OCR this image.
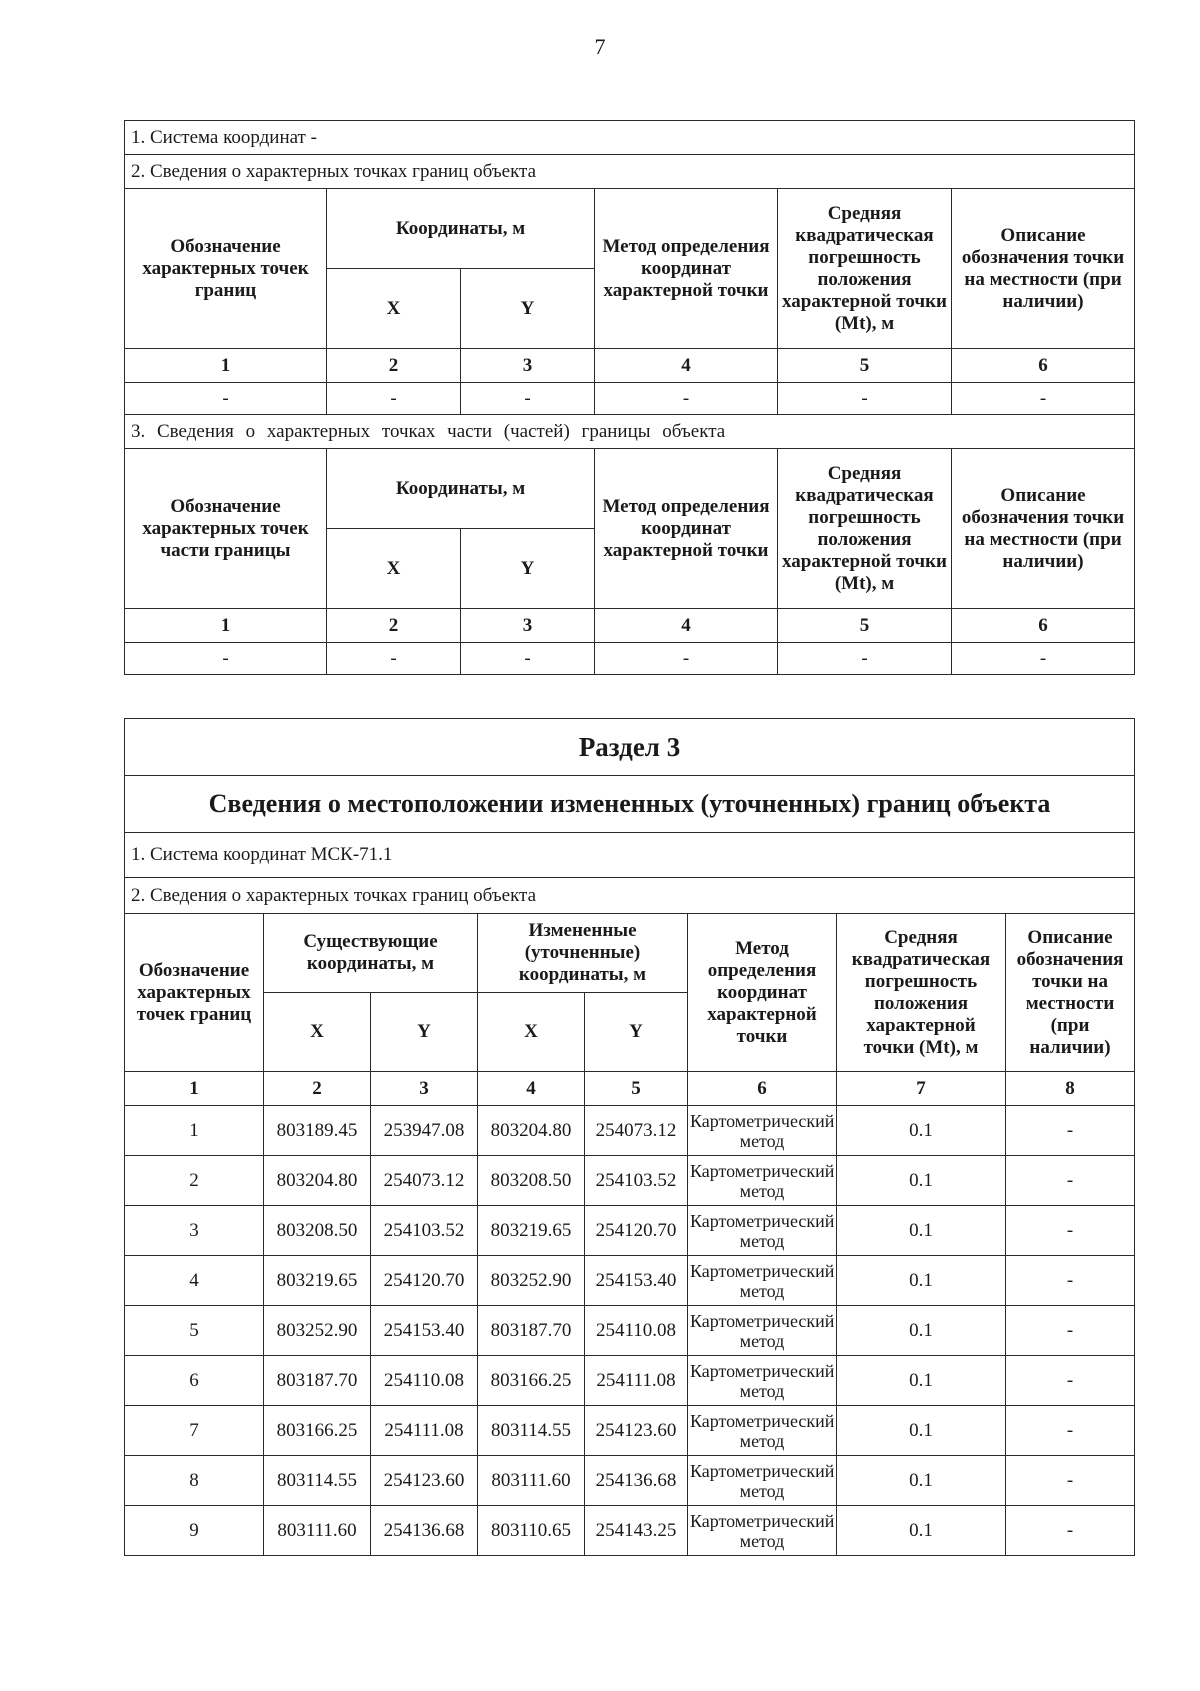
7
1. Система координат -					
2. Сведения о характерных точках границ объекта					
Обозначение характерных точек границ	Координаты, м		Метод определения координат характерной точки	Средняя квадратическая погрешность положения характерной точки (Mt), м	Описание обозначения точки на местности (при наличии)
	X	Y			
1	2	3	4	5	6
-	-	-	-	-	-
3. Сведения о характерных точках части (частей) границы объекта					
Обозначение характерных точек части границы	Координаты, м		Метод определения координат характерной точки	Средняя квадратическая погрешность положения характерной точки (Mt), м	Описание обозначения точки на местности (при наличии)
	X	Y			
1	2	3	4	5	6
-	-	-	-	-	-
Раздел 3							
Сведения о местоположении измененных (уточненных) границ объекта							
1. Система координат МСК-71.1							
2. Сведения о характерных точках границ объекта							
Обозначение характерных точек границ	Существующие координаты, м		Измененные (уточненные) координаты, м		Метод определения координат характерной точки	Средняя квадратическая погрешность положения характерной точки (Mt), м	Описание обозначения точки на местности (при наличии)
	X	Y	X	Y			
1	2	3	4	5	6	7	8
1	803189.45	253947.08	803204.80	254073.12	Картометрический метод	0.1	-
2	803204.80	254073.12	803208.50	254103.52	Картометрический метод	0.1	-
3	803208.50	254103.52	803219.65	254120.70	Картометрический метод	0.1	-
4	803219.65	254120.70	803252.90	254153.40	Картометрический метод	0.1	-
5	803252.90	254153.40	803187.70	254110.08	Картометрический метод	0.1	-
6	803187.70	254110.08	803166.25	254111.08	Картометрический метод	0.1	-
7	803166.25	254111.08	803114.55	254123.60	Картометрический метод	0.1	-
8	803114.55	254123.60	803111.60	254136.68	Картометрический метод	0.1	-
9	803111.60	254136.68	803110.65	254143.25	Картометрический метод	0.1	-
